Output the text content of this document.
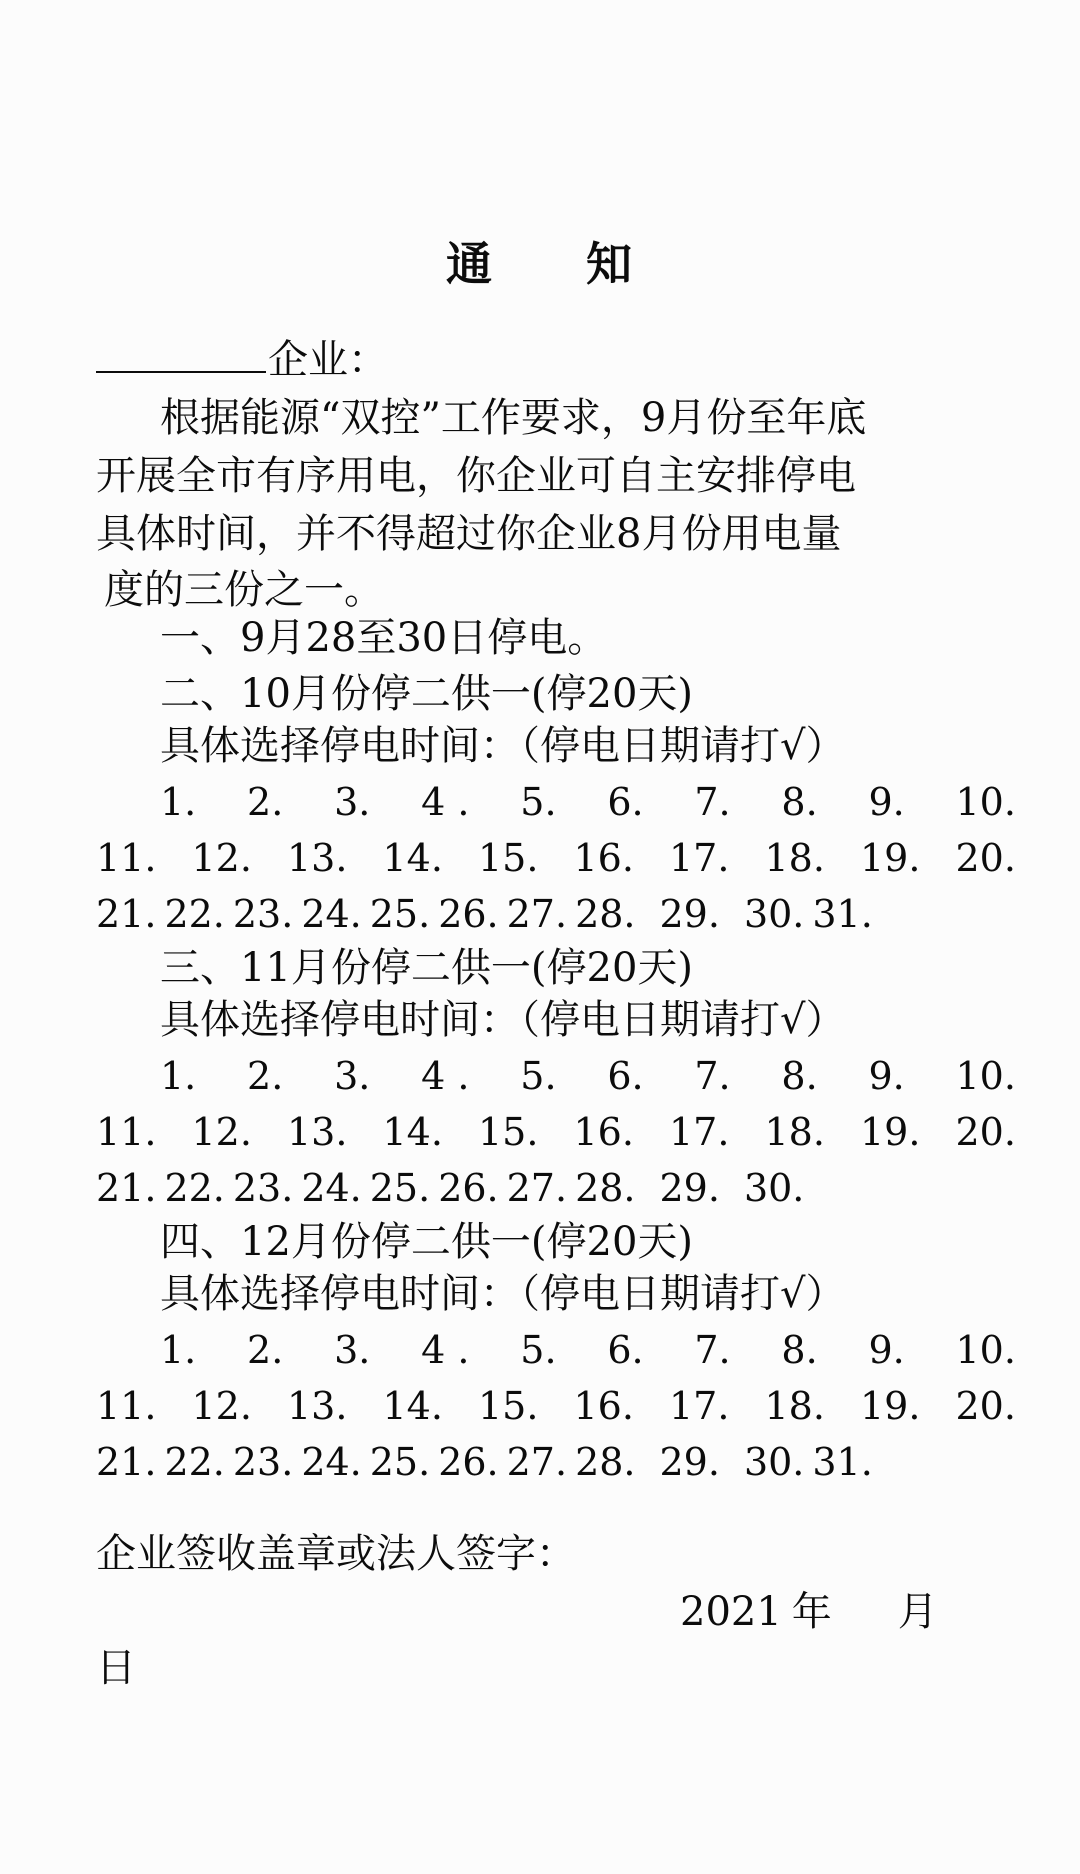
通 知
企业：
根据能源“双控”工作要求，9月份至年底
开展全市有序用电，你企业可自主安排停电
具体时间，并不得超过你企业8月份用电量
度的三份之一。
一、9月28至30日停电。
二、10月份停二供一(停20天)
具体选择停电时间：（停电日期请打√）
1. 2. 3. 4 . 5. 6. 7. 8. 9. 10.
11. 12. 13. 14. 15. 16. 17. 18. 19. 20.
21. 22. 23. 24. 25. 26. 27. 28. 29. 30. 31.
三、11月份停二供一(停20天)
具体选择停电时间：（停电日期请打√）
1. 2. 3. 4 . 5. 6. 7. 8. 9. 10.
11. 12. 13. 14. 15. 16. 17. 18. 19. 20.
21. 22. 23. 24. 25. 26. 27. 28. 29. 30.
四、12月份停二供一(停20天)
具体选择停电时间：（停电日期请打√）
1. 2. 3. 4 . 5. 6. 7. 8. 9. 10.
11. 12. 13. 14. 15. 16. 17. 18. 19. 20.
21. 22. 23. 24. 25. 26. 27. 28. 29. 30. 31.
企业签收盖章或法人签字：
2021 年 月
日
